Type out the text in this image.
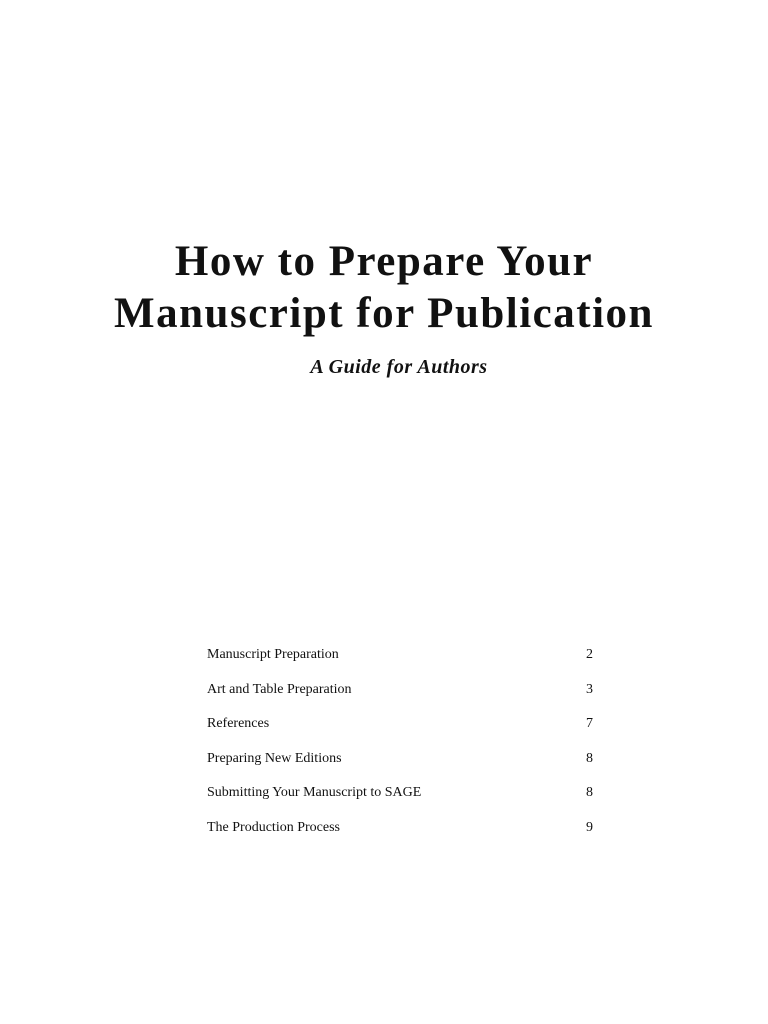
How to Prepare Your
Manuscript for Publication
A Guide for Authors
Manuscript Preparation	2
Art and Table Preparation	3
References	7
Preparing New Editions	8
Submitting Your Manuscript to SAGE	8
The Production Process	9
